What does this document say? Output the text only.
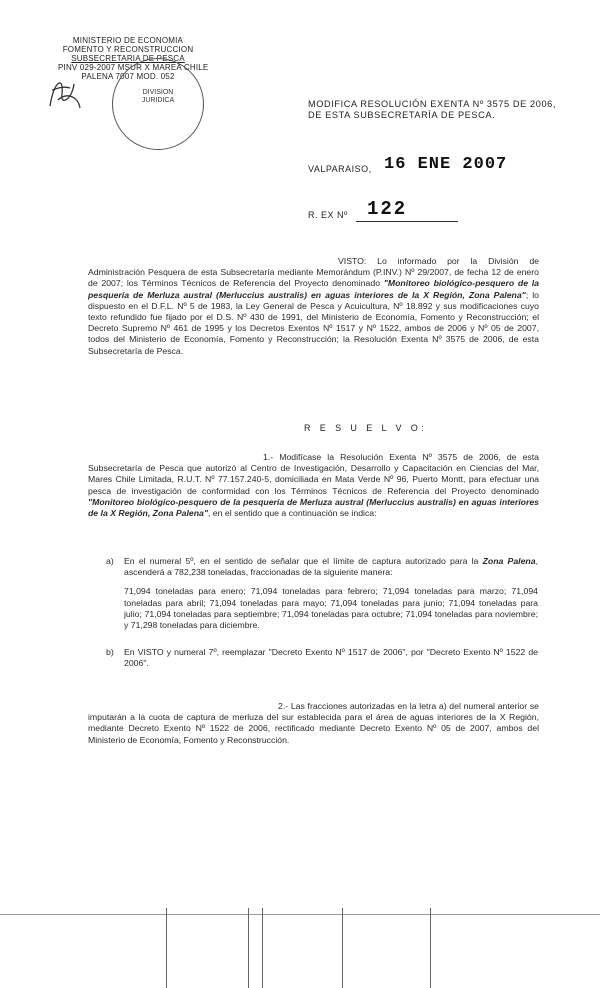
MINISTERIO DE ECONOMIA
FOMENTO Y RECONSTRUCCION
SUBSECRETARIA DE PESCA
PINV 029-2007 MSUR X MAREA CHILE
PALENA 7007 MOD. 052
DIVISION
JURIDICA	MODIFICA RESOLUCIÓN EXENTA Nº 3575 DE 2006, DE ESTA SUBSECRETARÍA DE PESCA.
VALPARAISO, 16 ENE 2007
R. EX Nº 122

VISTO: Lo informado por la División de Administración Pesquera de esta Subsecretaría mediante Memorándum (P.INV.) Nº 29/2007, de fecha 12 de enero de 2007; los Términos Técnicos de Referencia del Proyecto denominado "Monitoreo biológico-pesquero de la pesquería de Merluza austral (Merluccius australis) en aguas interiores de la X Región, Zona Palena"; lo dispuesto en el D.F.L. Nº 5 de 1983, la Ley General de Pesca y Acuicultura, Nº 18.892 y sus modificaciones cuyo texto refundido fue fijado por el D.S. Nº 430 de 1991, del Ministerio de Economía, Fomento y Reconstrucción; el Decreto Supremo Nº 461 de 1995 y los Decretos Exentos Nº 1517 y Nº 1522, ambos de 2006 y Nº 05 de 2007, todos del Ministerio de Economía, Fomento y Reconstrucción; la Resolución Exenta Nº 3575 de 2006, de esta Subsecretaría de Pesca.

R E S U E L V O:

1.- Modifícase la Resolución Exenta Nº 3575 de 2006, de esta Subsecretaría de Pesca que autorizó al Centro de Investigación, Desarrollo y Capacitación en Ciencias del Mar, Mares Chile Limitada, R.U.T. Nº 77.157.240-5, domiciliada en Mata Verde Nº 96, Puerto Montt, para efectuar una pesca de investigación de conformidad con los Términos Técnicos de Referencia del Proyecto denominado "Monitoreo biológico-pesquero de la pesquería de Merluza austral (Merluccius australis) en aguas interiores de la X Región, Zona Palena", en el sentido que a continuación se indica:

a) En el numeral 5º, en el sentido de señalar que el límite de captura autorizado para la Zona Palena, ascenderá a 782,238 toneladas, fraccionadas de la siguiente manera:

71,094 toneladas para enero; 71,094 toneladas para febrero; 71,094 toneladas para marzo; 71,094 toneladas para abril; 71,094 toneladas para mayo; 71,094 toneladas para junio; 71,094 toneladas para julio; 71,094 toneladas para septiembre; 71,094 toneladas para octubre; 71,094 toneladas para noviembre; y 71,298 toneladas para diciembre.

b) En VISTO y numeral 7º, reemplazar "Decreto Exento Nº 1517 de 2006", por "Decreto Exento Nº 1522 de 2006".

2.- Las fracciones autorizadas en la letra a) del numeral anterior se imputarán a la cuota de captura de merluza del sur establecida para el área de aguas interiores de la X Región, mediante Decreto Exento Nº 1522 de 2006, rectificado mediante Decreto Exento Nº 05 de 2007, ambos del Ministerio de Economía, Fomento y Reconstrucción.
